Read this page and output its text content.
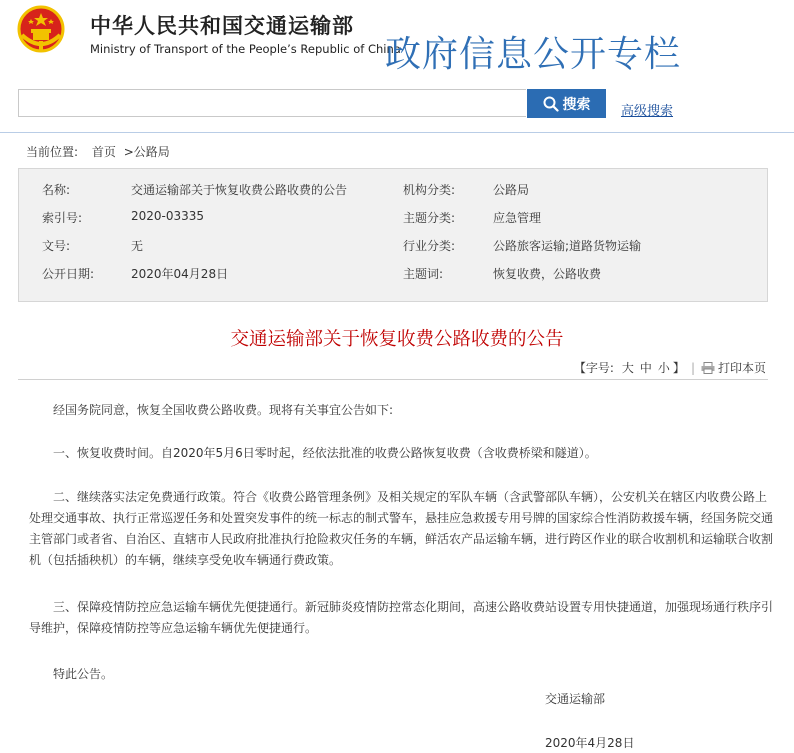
中华人民共和国交通运输部
Ministry of Transport of the People’s Republic of China
政府信息公开专栏
搜索 高级搜索
当前位置: 首页 >公路局
名称:	交通运输部关于恢复收费公路收费的公告	机构分类:	公路局
索引号:	2020-03335	主题分类:	应急管理
文号:	无	行业分类:	公路旅客运输;道路货物运输
公开日期:	2020年04月28日	主题词:	恢复收费，公路收费
交通运输部关于恢复收费公路收费的公告
【字号: 大 中 小 】 | 打印本页
经国务院同意，恢复全国收费公路收费。现将有关事宜公告如下:
一、恢复收费时间。自2020年5月6日零时起，经依法批准的收费公路恢复收费（含收费桥梁和隧道）。
二、继续落实法定免费通行政策。符合《收费公路管理条例》及相关规定的军队车辆（含武警部队车辆），公安机关在辖区内收费公路上处理交通事故、执行正常巡逻任务和处置突发事件的统一标志的制式警车，悬挂应急救援专用号牌的国家综合性消防救援车辆，经国务院交通主管部门或者省、自治区、直辖市人民政府批准执行抢险救灾任务的车辆，鲜活农产品运输车辆，进行跨区作业的联合收割机和运输联合收割机（包括插秧机）的车辆，继续享受免收车辆通行费政策。
三、保障疫情防控应急运输车辆优先便捷通行。新冠肺炎疫情防控常态化期间，高速公路收费站设置专用快捷通道，加强现场通行秩序引导维护，保障疫情防控等应急运输车辆优先便捷通行。
特此公告。
交通运输部
2020年4月28日
